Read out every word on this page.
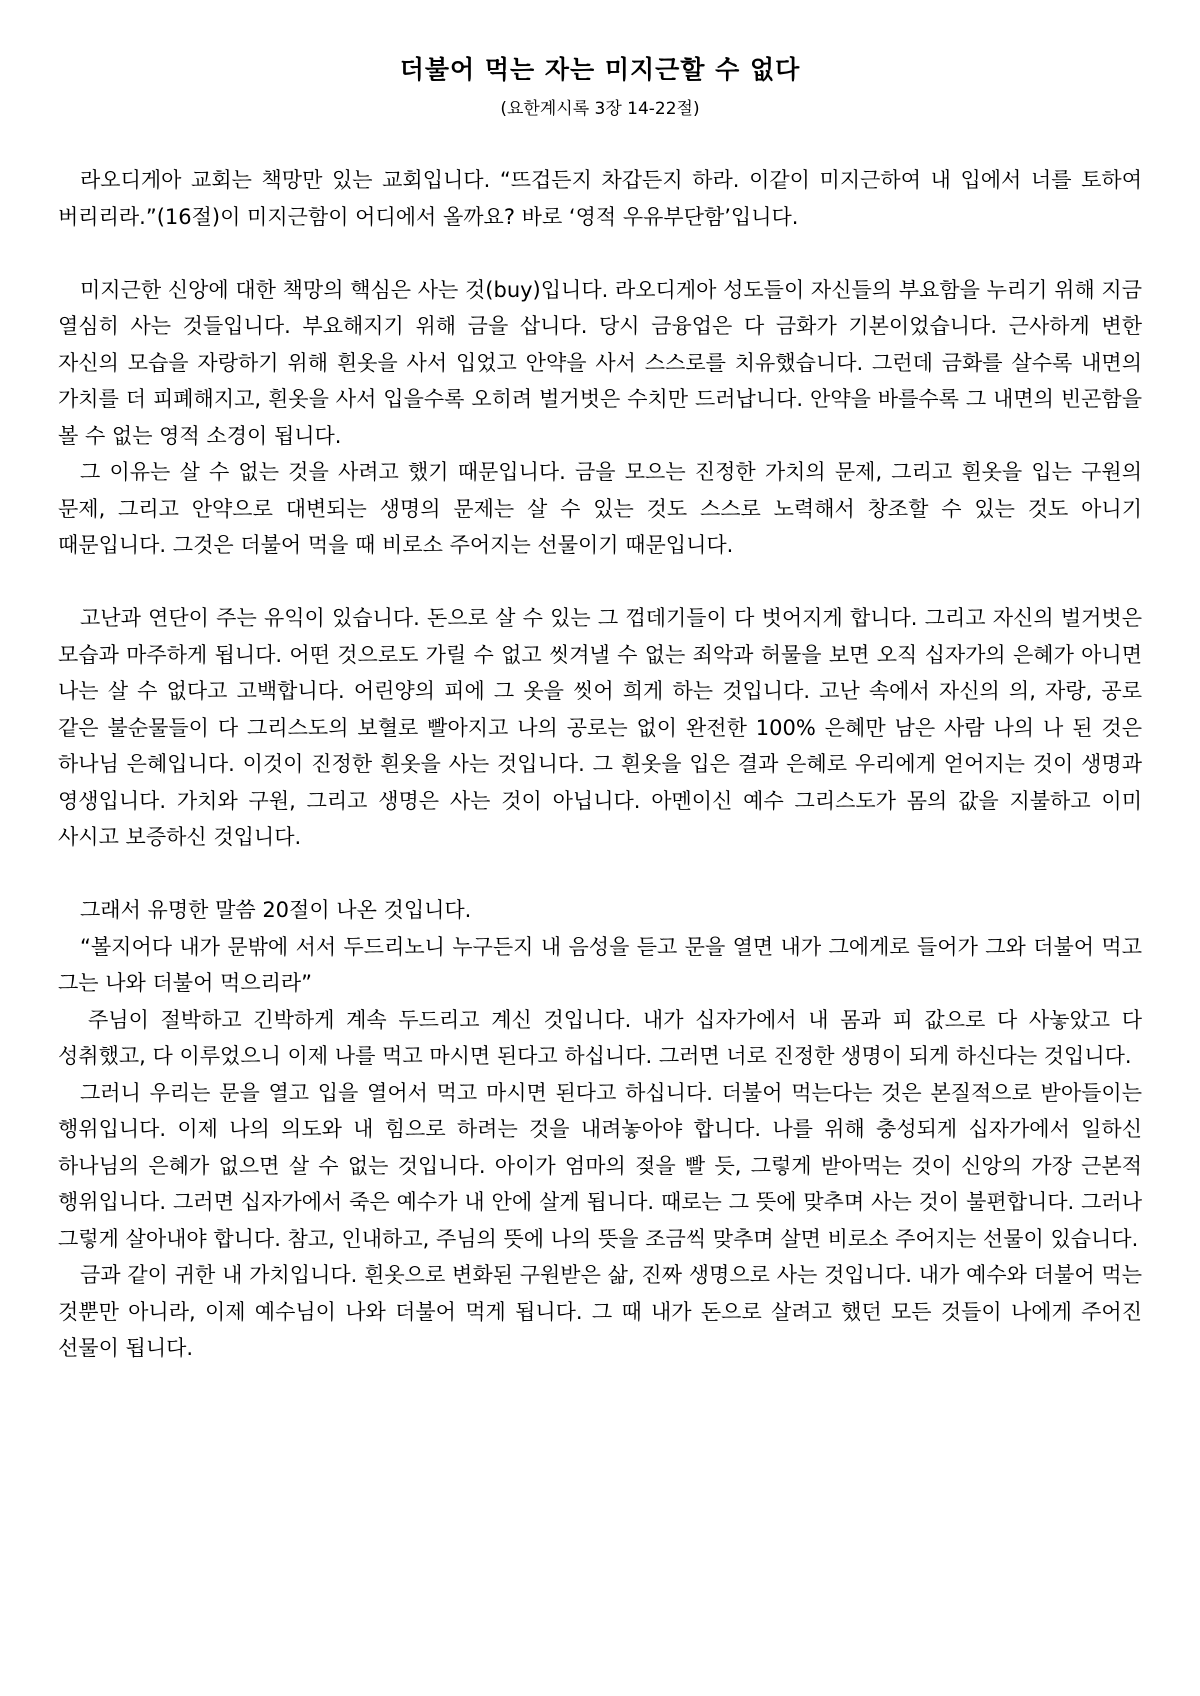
더불어 먹는 자는 미지근할 수 없다
(요한계시록 3장 14-22절)

라오디게아 교회는 책망만 있는 교회입니다. “뜨겁든지 차갑든지 하라. 이같이 미지근하여 내 입에서 너를 토하여 버리리라.”(16절)이 미지근함이 어디에서 올까요? 바로 ‘영적 우유부단함’입니다.

미지근한 신앙에 대한 책망의 핵심은 사는 것(buy)입니다. 라오디게아 성도들이 자신들의 부요함을 누리기 위해 지금 열심히 사는 것들입니다. 부요해지기 위해 금을 삽니다. 당시 금융업은 다 금화가 기본이었습니다. 근사하게 변한 자신의 모습을 자랑하기 위해 흰옷을 사서 입었고 안약을 사서 스스로를 치유했습니다. 그런데 금화를 살수록 내면의 가치를 더 피폐해지고, 흰옷을 사서 입을수록 오히려 벌거벗은 수치만 드러납니다. 안약을 바를수록 그 내면의 빈곤함을 볼 수 없는 영적 소경이 됩니다.

그 이유는 살 수 없는 것을 사려고 했기 때문입니다. 금을 모으는 진정한 가치의 문제, 그리고 흰옷을 입는 구원의 문제, 그리고 안약으로 대변되는 생명의 문제는 살 수 있는 것도 스스로 노력해서 창조할 수 있는 것도 아니기 때문입니다. 그것은 더불어 먹을 때 비로소 주어지는 선물이기 때문입니다.

고난과 연단이 주는 유익이 있습니다. 돈으로 살 수 있는 그 껍데기들이 다 벗어지게 합니다. 그리고 자신의 벌거벗은 모습과 마주하게 됩니다. 어떤 것으로도 가릴 수 없고 씻겨낼 수 없는 죄악과 허물을 보면 오직 십자가의 은혜가 아니면 나는 살 수 없다고 고백합니다. 어린양의 피에 그 옷을 씻어 희게 하는 것입니다. 고난 속에서 자신의 의, 자랑, 공로 같은 불순물들이 다 그리스도의 보혈로 빨아지고 나의 공로는 없이 완전한 100% 은혜만 남은 사람 나의 나 된 것은 하나님 은혜입니다. 이것이 진정한 흰옷을 사는 것입니다. 그 흰옷을 입은 결과 은혜로 우리에게 얻어지는 것이 생명과 영생입니다. 가치와 구원, 그리고 생명은 사는 것이 아닙니다. 아멘이신 예수 그리스도가 몸의 값을 지불하고 이미 사시고 보증하신 것입니다.

그래서 유명한 말씀 20절이 나온 것입니다.

“볼지어다 내가 문밖에 서서 두드리노니 누구든지 내 음성을 듣고 문을 열면 내가 그에게로 들어가 그와 더불어 먹고 그는 나와 더불어 먹으리라”

주님이 절박하고 긴박하게 계속 두드리고 계신 것입니다. 내가 십자가에서 내 몸과 피 값으로 다 사놓았고 다 성취했고, 다 이루었으니 이제 나를 먹고 마시면 된다고 하십니다. 그러면 너로 진정한 생명이 되게 하신다는 것입니다.

그러니 우리는 문을 열고 입을 열어서 먹고 마시면 된다고 하십니다. 더불어 먹는다는 것은 본질적으로 받아들이는 행위입니다. 이제 나의 의도와 내 힘으로 하려는 것을 내려놓아야 합니다. 나를 위해 충성되게 십자가에서 일하신 하나님의 은혜가 없으면 살 수 없는 것입니다. 아이가 엄마의 젖을 빨 듯, 그렇게 받아먹는 것이 신앙의 가장 근본적 행위입니다. 그러면 십자가에서 죽은 예수가 내 안에 살게 됩니다. 때로는 그 뜻에 맞추며 사는 것이 불편합니다. 그러나 그렇게 살아내야 합니다. 참고, 인내하고, 주님의 뜻에 나의 뜻을 조금씩 맞추며 살면 비로소 주어지는 선물이 있습니다.

금과 같이 귀한 내 가치입니다. 흰옷으로 변화된 구원받은 삶, 진짜 생명으로 사는 것입니다. 내가 예수와 더불어 먹는 것뿐만 아니라, 이제 예수님이 나와 더불어 먹게 됩니다. 그 때 내가 돈으로 살려고 했던 모든 것들이 나에게 주어진 선물이 됩니다.
